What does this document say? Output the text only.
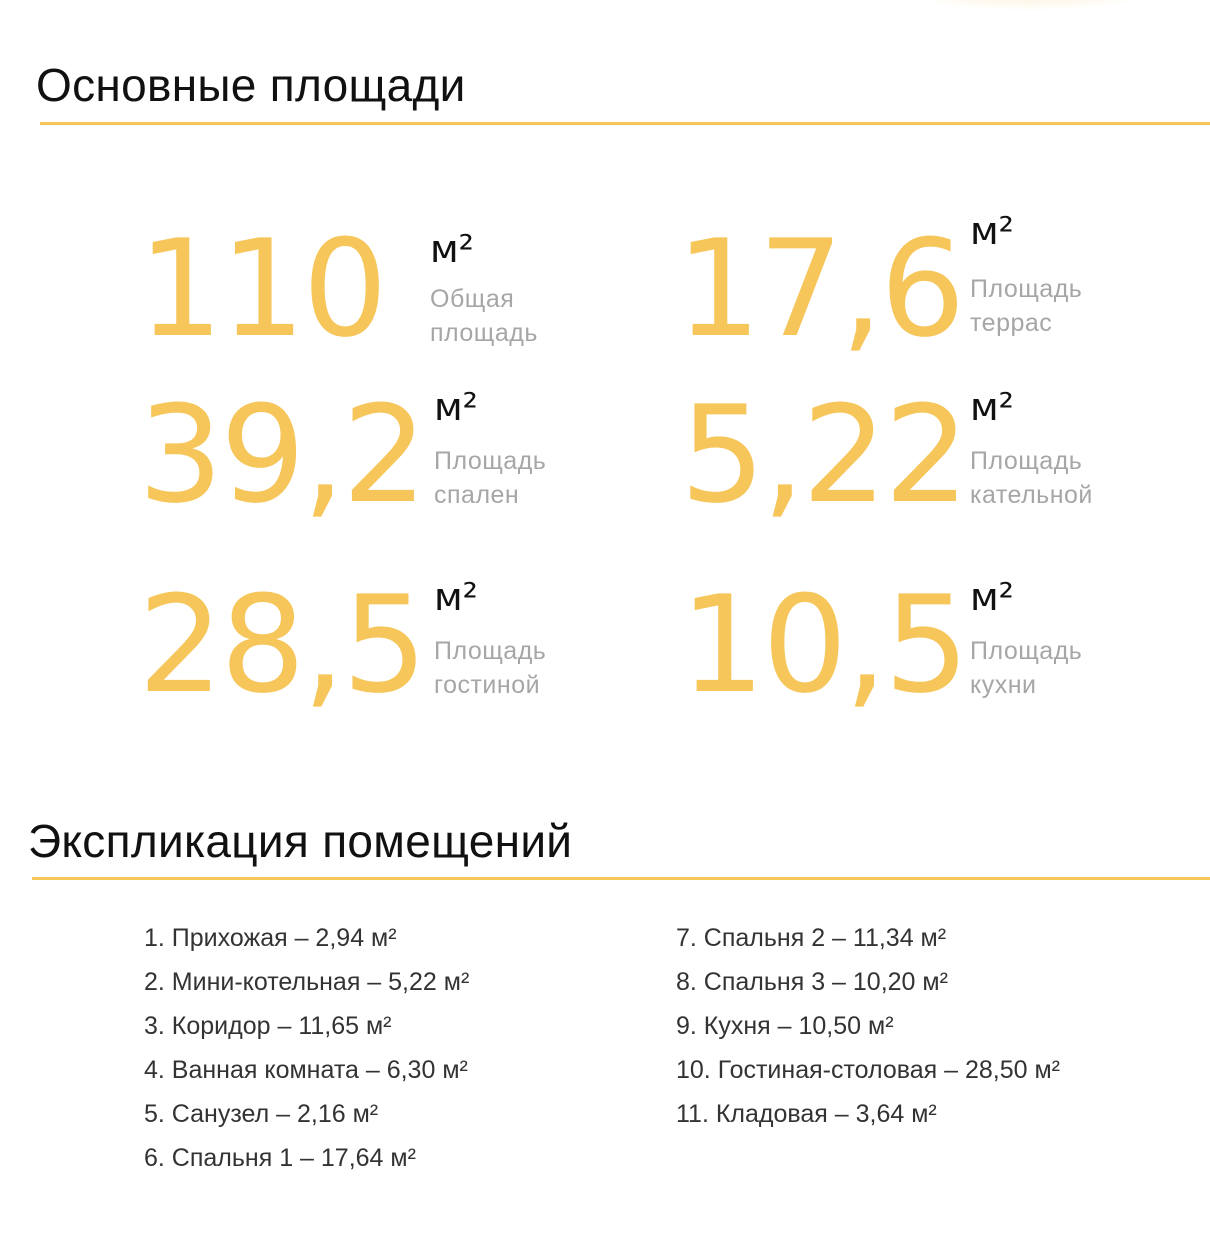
Основные площади
110 м²
Общая
площадь	17,6 м²
Площадь
террас
39,2 м²
Площадь
спален	5,22 м²
Площадь
кательной
28,5 м²
Площадь
гостиной	10,5 м²
Площадь
кухни
Экспликация помещений
1. Прихожая – 2,94 м²
2. Мини-котельная – 5,22 м²
3. Коридор – 11,65 м²
4. Ванная комната – 6,30 м²
5. Санузел – 2,16 м²
6. Спальня 1 – 17,64 м²
7. Спальня 2 – 11,34 м²
8. Спальня 3 – 10,20 м²
9. Кухня – 10,50 м²
10. Гостиная-столовая – 28,50 м²
11. Кладовая – 3,64 м²
